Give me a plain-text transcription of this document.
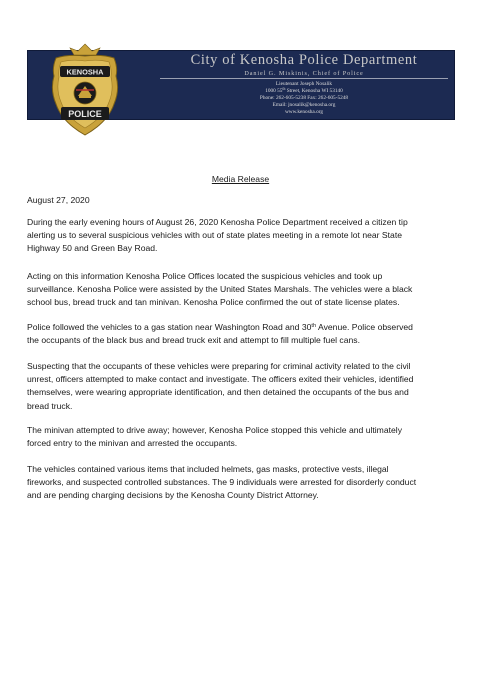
KENOSHA
POLICE
City of Kenosha Police Department
Daniel G. Miskinis, Chief of Police
Lieutenant Joseph Nosalik
1000 55th Street, Kenosha WI 53140
Phone: 262-605-5238 Fax: 262-605-5248
Email: jnosalik@kenosha.org
www.kenosha.org
Media Release
August 27, 2020
During the early evening hours of August 26, 2020 Kenosha Police Department received a citizen tip
alerting us to several suspicious vehicles with out of state plates meeting in a remote lot near State
Highway 50 and Green Bay Road.
Acting on this information Kenosha Police Offices located the suspicious vehicles and took up
surveillance. Kenosha Police were assisted by the United States Marshals. The vehicles were a black
school bus, bread truck and tan minivan. Kenosha Police confirmed the out of state license plates.
Police followed the vehicles to a gas station near Washington Road and 30th Avenue. Police observed
the occupants of the black bus and bread truck exit and attempt to fill multiple fuel cans.
Suspecting that the occupants of these vehicles were preparing for criminal activity related to the civil
unrest, officers attempted to make contact and investigate. The officers exited their vehicles, identified
themselves, were wearing appropriate identification, and then detained the occupants of the bus and
bread truck.
The minivan attempted to drive away; however, Kenosha Police stopped this vehicle and ultimately
forced entry to the minivan and arrested the occupants.
The vehicles contained various items that included helmets, gas masks, protective vests, illegal
fireworks, and suspected controlled substances. The 9 individuals were arrested for disorderly conduct
and are pending charging decisions by the Kenosha County District Attorney.
